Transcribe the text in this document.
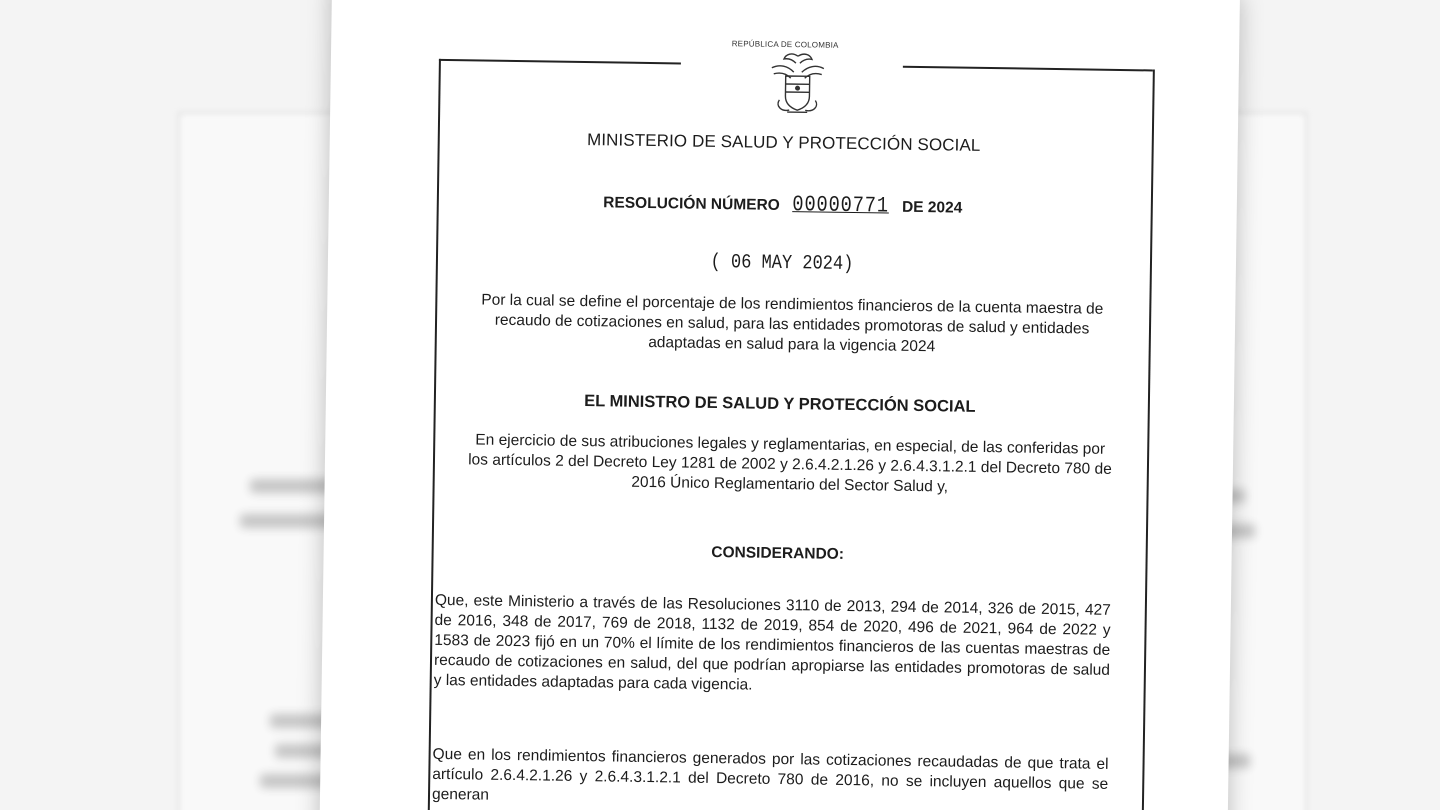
REPÚBLICA DE COLOMBIA
MINISTERIO DE SALUD Y PROTECCIÓN SOCIAL
RESOLUCIÓN NÚMERO 00000771 DE 2024
( 06 MAY 2024)
Por la cual se define el porcentaje de los rendimientos financieros de la cuenta maestra de recaudo de cotizaciones en salud, para las entidades promotoras de salud y entidades adaptadas en salud para la vigencia 2024
EL MINISTRO DE SALUD Y PROTECCIÓN SOCIAL
En ejercicio de sus atribuciones legales y reglamentarias, en especial, de las conferidas por los artículos 2 del Decreto Ley 1281 de 2002 y 2.6.4.2.1.26 y 2.6.4.3.1.2.1 del Decreto 780 de 2016 Único Reglamentario del Sector Salud y,
CONSIDERANDO:
Que, este Ministerio a través de las Resoluciones 3110 de 2013, 294 de 2014, 326 de 2015, 427 de 2016, 348 de 2017, 769 de 2018, 1132 de 2019, 854 de 2020, 496 de 2021, 964 de 2022 y 1583 de 2023 fijó en un 70% el límite de los rendimientos financieros de las cuentas maestras de recaudo de cotizaciones en salud, del que podrían apropiarse las entidades promotoras de salud y las entidades adaptadas para cada vigencia.
Que en los rendimientos financieros generados por las cotizaciones recaudadas de que trata el artículo 2.6.4.2.1.26 y 2.6.4.3.1.2.1 del Decreto 780 de 2016, no se incluyen aquellos que se generan
